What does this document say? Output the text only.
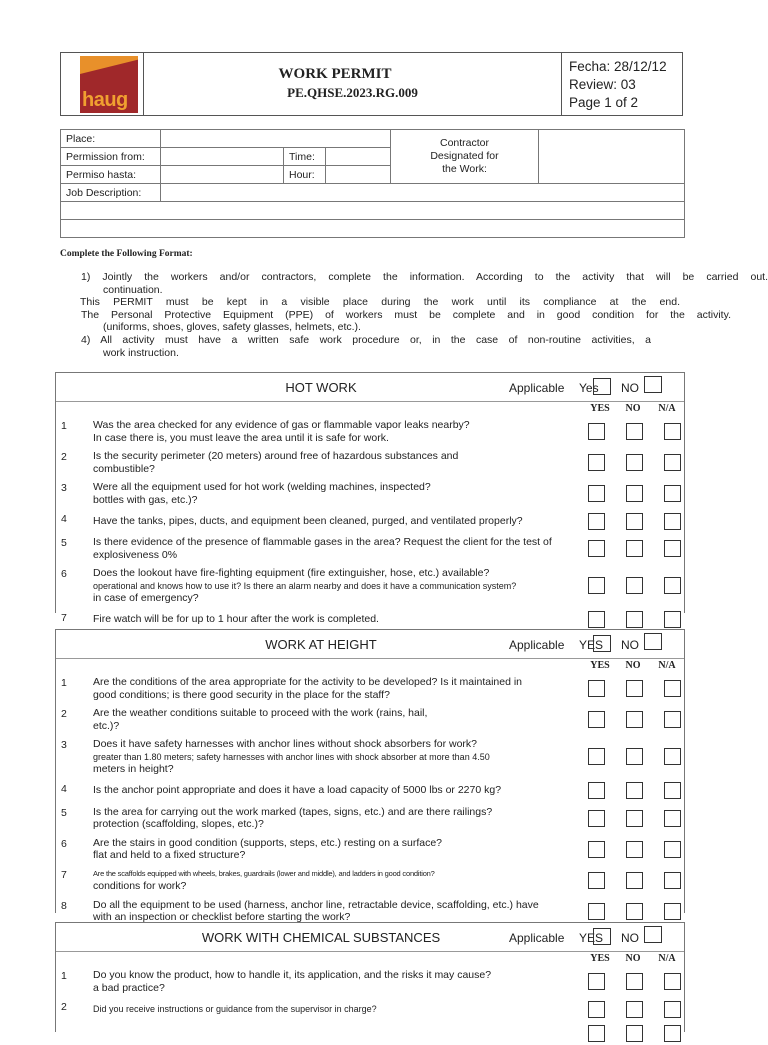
haug
WORK PERMIT
PE.QHSE.2023.RG.009
Fecha: 28/12/12
Review: 03
Page 1 of 2
Place:				Contractor
Designated for
the Work:	

Permission from:		Time:			
Permiso hasta:		Hour:			
Job Description:					

Complete the Following Format:

1) Jointly the workers and/or contractors, complete the information. According to the activity that will be carried out.

continuation.

This PERMIT must be kept in a visible place during the work until its compliance at the end.

The Personal Protective Equipment (PPE) of workers must be complete and in good condition for the activity.

(uniforms, shoes, gloves, safety glasses, helmets, etc.).

4) All activity must have a written safe work procedure or, in the case of non-routine activities, a

work instruction.

HOT WORK	Applicable Yes NO
YES	NO	N/A
1 Was the area checked for any evidence of gas or flammable vapor leaks nearby?
In case there is, you must leave the area until it is safe for work.
2 Is the security perimeter (20 meters) around free of hazardous substances and
combustible?
3 Were all the equipment used for hot work (welding machines, inspected?
bottles with gas, etc.)?
4 Have the tanks, pipes, ducts, and equipment been cleaned, purged, and ventilated properly?
5 Is there evidence of the presence of flammable gases in the area? Request the client for the test of
explosiveness 0%
6 Does the lookout have fire-fighting equipment (fire extinguisher, hose, etc.) available?
operational and knows how to use it? Is there an alarm nearby and does it have a communication system?
in case of emergency?
7 Fire watch will be for up to 1 hour after the work is completed.
WORK AT HEIGHT	Applicable YES NO
YES	NO	N/A
1 Are the conditions of the area appropriate for the activity to be developed? Is it maintained in
good conditions; is there good security in the place for the staff?
2 Are the weather conditions suitable to proceed with the work (rains, hail,
etc.)?
3 Does it have safety harnesses with anchor lines without shock absorbers for work?
greater than 1.80 meters; safety harnesses with anchor lines with shock absorber at more than 4.50
meters in height?
4 Is the anchor point appropriate and does it have a load capacity of 5000 lbs or 2270 kg?
5 Is the area for carrying out the work marked (tapes, signs, etc.) and are there railings?
protection (scaffolding, slopes, etc.)?
6 Are the stairs in good condition (supports, steps, etc.) resting on a surface?
flat and held to a fixed structure?
7	Are the scaffolds equipped with wheels, brakes, guardrails (lower and middle), and ladders in good condition?
conditions for work?
8 Do all the equipment to be used (harness, anchor line, retractable device, scaffolding, etc.) have
with an inspection or checklist before starting the work?
WORK WITH CHEMICAL SUBSTANCES	Applicable YES NO
YES	NO	N/A
1 Do you know the product, how to handle it, its application, and the risks it may cause?
a bad practice?
2	Did you receive instructions or guidance from the supervisor in charge?
